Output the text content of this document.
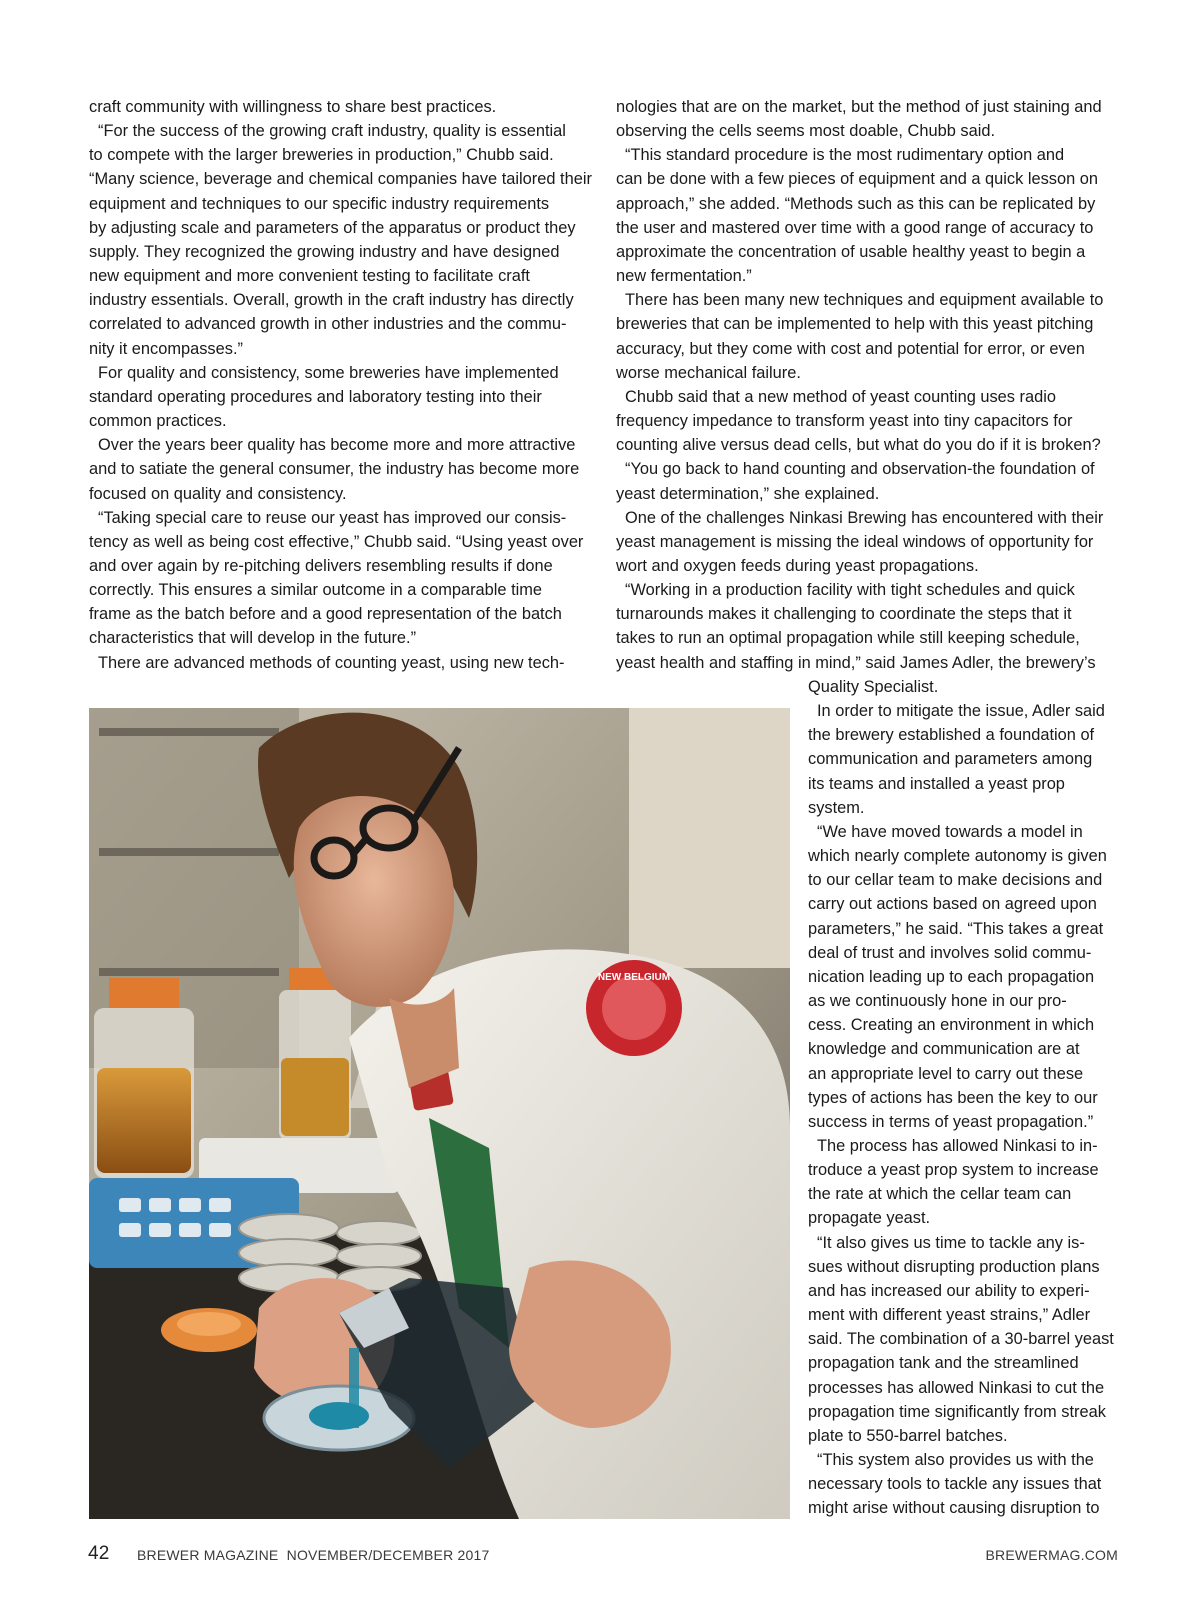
craft community with willingness to share best practices.

“For the success of the growing craft industry, quality is essential

to compete with the larger breweries in production,” Chubb said.

“Many science, beverage and chemical companies have tailored their

equipment and techniques to our specific industry requirements

by adjusting scale and parameters of the apparatus or product they

supply. They recognized the growing industry and have designed

new equipment and more convenient testing to facilitate craft

industry essentials. Overall, growth in the craft industry has directly

correlated to advanced growth in other industries and the commu-

nity it encompasses.”

For quality and consistency, some breweries have implemented

standard operating procedures and laboratory testing into their

common practices.

Over the years beer quality has become more and more attractive

and to satiate the general consumer, the industry has become more

focused on quality and consistency.

“Taking special care to reuse our yeast has improved our consis-

tency as well as being cost effective,” Chubb said. “Using yeast over

and over again by re-pitching delivers resembling results if done

correctly. This ensures a similar outcome in a comparable time

frame as the batch before and a good representation of the batch

characteristics that will develop in the future.”

There are advanced methods of counting yeast, using new tech-

nologies that are on the market, but the method of just staining and

observing the cells seems most doable, Chubb said.

“This standard procedure is the most rudimentary option and

can be done with a few pieces of equipment and a quick lesson on

approach,” she added. “Methods such as this can be replicated by

the user and mastered over time with a good range of accuracy to

approximate the concentration of usable healthy yeast to begin a

new fermentation.”

There has been many new techniques and equipment available to

breweries that can be implemented to help with this yeast pitching

accuracy, but they come with cost and potential for error, or even

worse mechanical failure.

Chubb said that a new method of yeast counting uses radio

frequency impedance to transform yeast into tiny capacitors for

counting alive versus dead cells, but what do you do if it is broken?

“You go back to hand counting and observation-the foundation of

yeast determination,” she explained.

One of the challenges Ninkasi Brewing has encountered with their

yeast management is missing the ideal windows of opportunity for

wort and oxygen feeds during yeast propagations.

“Working in a production facility with tight schedules and quick

turnarounds makes it challenging to coordinate the steps that it

takes to run an optimal propagation while still keeping schedule,

yeast health and staffing in mind,” said James Adler, the brewery’s

Quality Specialist.

In order to mitigate the issue, Adler said

the brewery established a foundation of

communication and parameters among

its teams and installed a yeast prop

system.

“We have moved towards a model in

which nearly complete autonomy is given

to our cellar team to make decisions and

carry out actions based on agreed upon

parameters,” he said. “This takes a great

deal of trust and involves solid commu-

nication leading up to each propagation

as we continuously hone in our pro-

cess. Creating an environment in which

knowledge and communication are at

an appropriate level to carry out these

types of actions has been the key to our

success in terms of yeast propagation.”

The process has allowed Ninkasi to in-

troduce a yeast prop system to increase

the rate at which the cellar team can

propagate yeast.

“It also gives us time to tackle any is-

sues without disrupting production plans

and has increased our ability to experi-

ment with different yeast strains,” Adler

said. The combination of a 30-barrel yeast

propagation tank and the streamlined

processes has allowed Ninkasi to cut the

propagation time significantly from streak

plate to 550-barrel batches.

“This system also provides us with the

necessary tools to tackle any issues that

might arise without causing disruption to

NEW BELGIUM
42 BREWER MAGAZINE  NOVEMBER/DECEMBER 2017	BREWERMAG.COM
